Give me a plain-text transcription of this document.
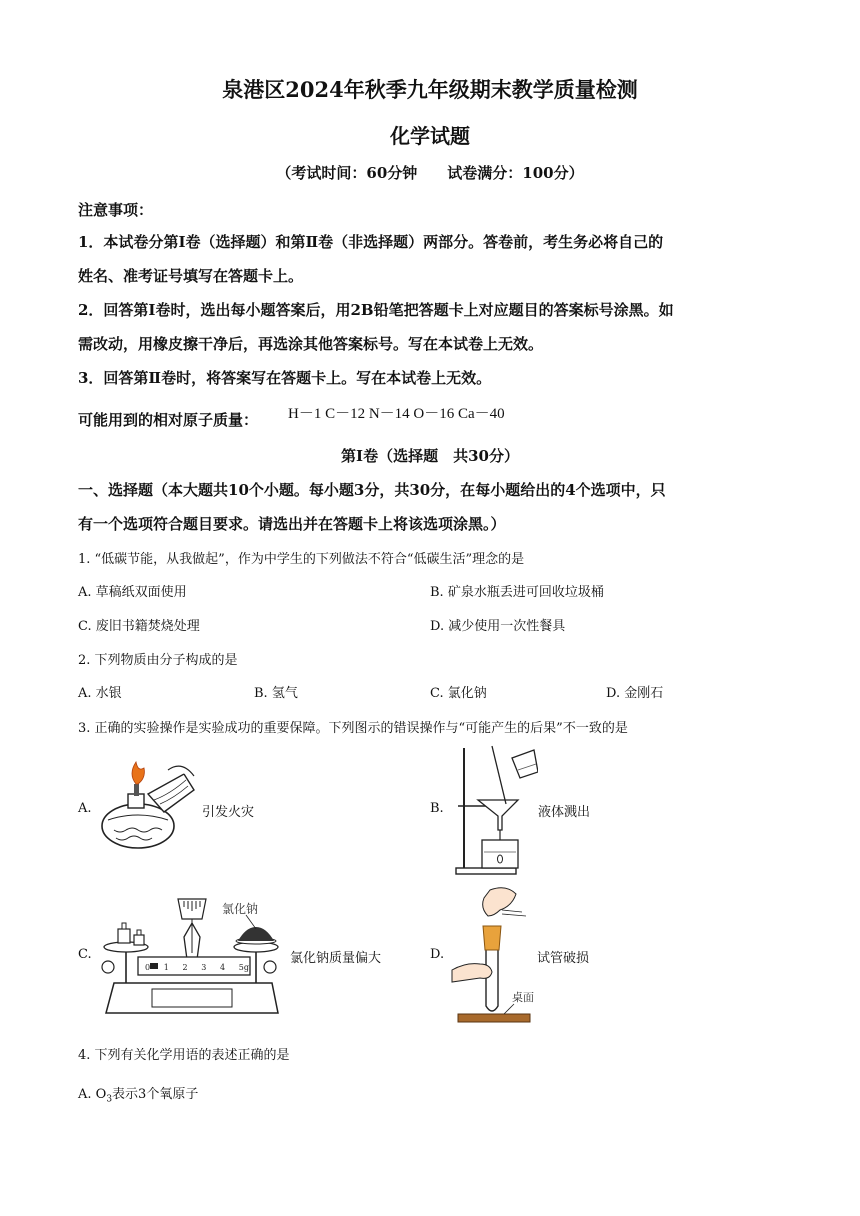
泉港区2024年秋季九年级期末教学质量检测
化学试题
（考试时间：60分钟　　试卷满分：100分）
注意事项：
1．本试卷分第Ⅰ卷（选择题）和第Ⅱ卷（非选择题）两部分。答卷前，考生务必将自己的
姓名、准考证号填写在答题卡上。
2．回答第Ⅰ卷时，选出每小题答案后，用2B铅笔把答题卡上对应题目的答案标号涂黑。如
需改动，用橡皮擦干净后，再选涂其他答案标号。写在本试卷上无效。
3．回答第Ⅱ卷时，将答案写在答题卡上。写在本试卷上无效。
可能用到的相对原子质量： H－1 C－12 N－14 O－16 Ca－40
第Ⅰ卷（选择题　共30分）
一、选择题（本大题共10个小题。每小题3分，共30分，在每小题给出的4个选项中，只
有一个选项符合题目要求。请选出并在答题卡上将该选项涂黑。）
1. “低碳节能，从我做起”，作为中学生的下列做法不符合“低碳生活”理念的是
A. 草稿纸双面使用	B. 矿泉水瓶丢进可回收垃圾桶
C. 废旧书籍焚烧处理	D. 减少使用一次性餐具
2. 下列物质由分子构成的是
A. 水银	B. 氢气	C. 氯化钠	D. 金刚石
3. 正确的实验操作是实验成功的重要保障。下列图示的错误操作与“可能产生的后果”不一致的是
A.	引发火灾	B.	液体溅出
C.
氯化钠
0 1 2 3 4 5g
氯化钠质量偏大	D.
桌面
试管破损
4. 下列有关化学用语的表述正确的是
A. $O_3$表示3个氧原子
